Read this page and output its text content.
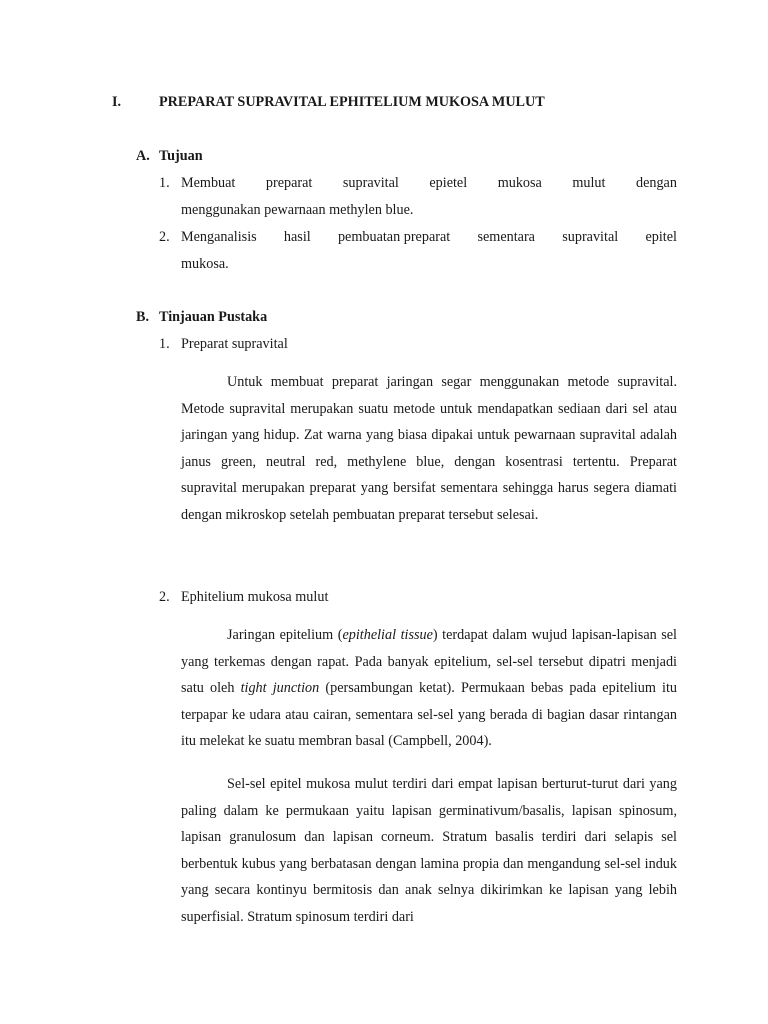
I.	PREPARAT SUPRAVITAL EPHITELIUM MUKOSA MULUT
A. Tujuan
1. Membuat preparat supravital epietel mukosa mulut dengan
menggunakan pewarnaan methylen blue.
2. Menganalisis hasil pembuatan preparat sementara supravital epitel
mukosa.
B. Tinjauan Pustaka
1. Preparat supravital

Untuk membuat preparat jaringan segar menggunakan metode supravital. Metode supravital merupakan suatu metode untuk mendapatkan sediaan dari sel atau jaringan yang hidup. Zat warna yang biasa dipakai untuk pewarnaan supravital adalah janus green, neutral red, methylene blue, dengan kosentrasi tertentu. Preparat supravital merupakan preparat yang bersifat sementara sehingga harus segera diamati dengan mikroskop setelah pembuatan preparat tersebut selesai.

2. Ephitelium mukosa mulut

Jaringan epitelium (epithelial tissue) terdapat dalam wujud lapisan-lapisan sel yang terkemas dengan rapat. Pada banyak epitelium, sel-sel tersebut dipatri menjadi satu oleh tight junction (persambungan ketat). Permukaan bebas pada epitelium itu terpapar ke udara atau cairan, sementara sel-sel yang berada di bagian dasar rintangan itu melekat ke suatu membran basal (Campbell, 2004).

Sel-sel epitel mukosa mulut terdiri dari empat lapisan berturut-turut dari yang paling dalam ke permukaan yaitu lapisan germinativum/basalis, lapisan spinosum, lapisan granulosum dan lapisan corneum. Stratum basalis terdiri dari selapis sel berbentuk kubus yang berbatasan dengan lamina propia dan mengandung sel-sel induk yang secara kontinyu bermitosis dan anak selnya dikirimkan ke lapisan yang lebih superfisial. Stratum spinosum terdiri dari
